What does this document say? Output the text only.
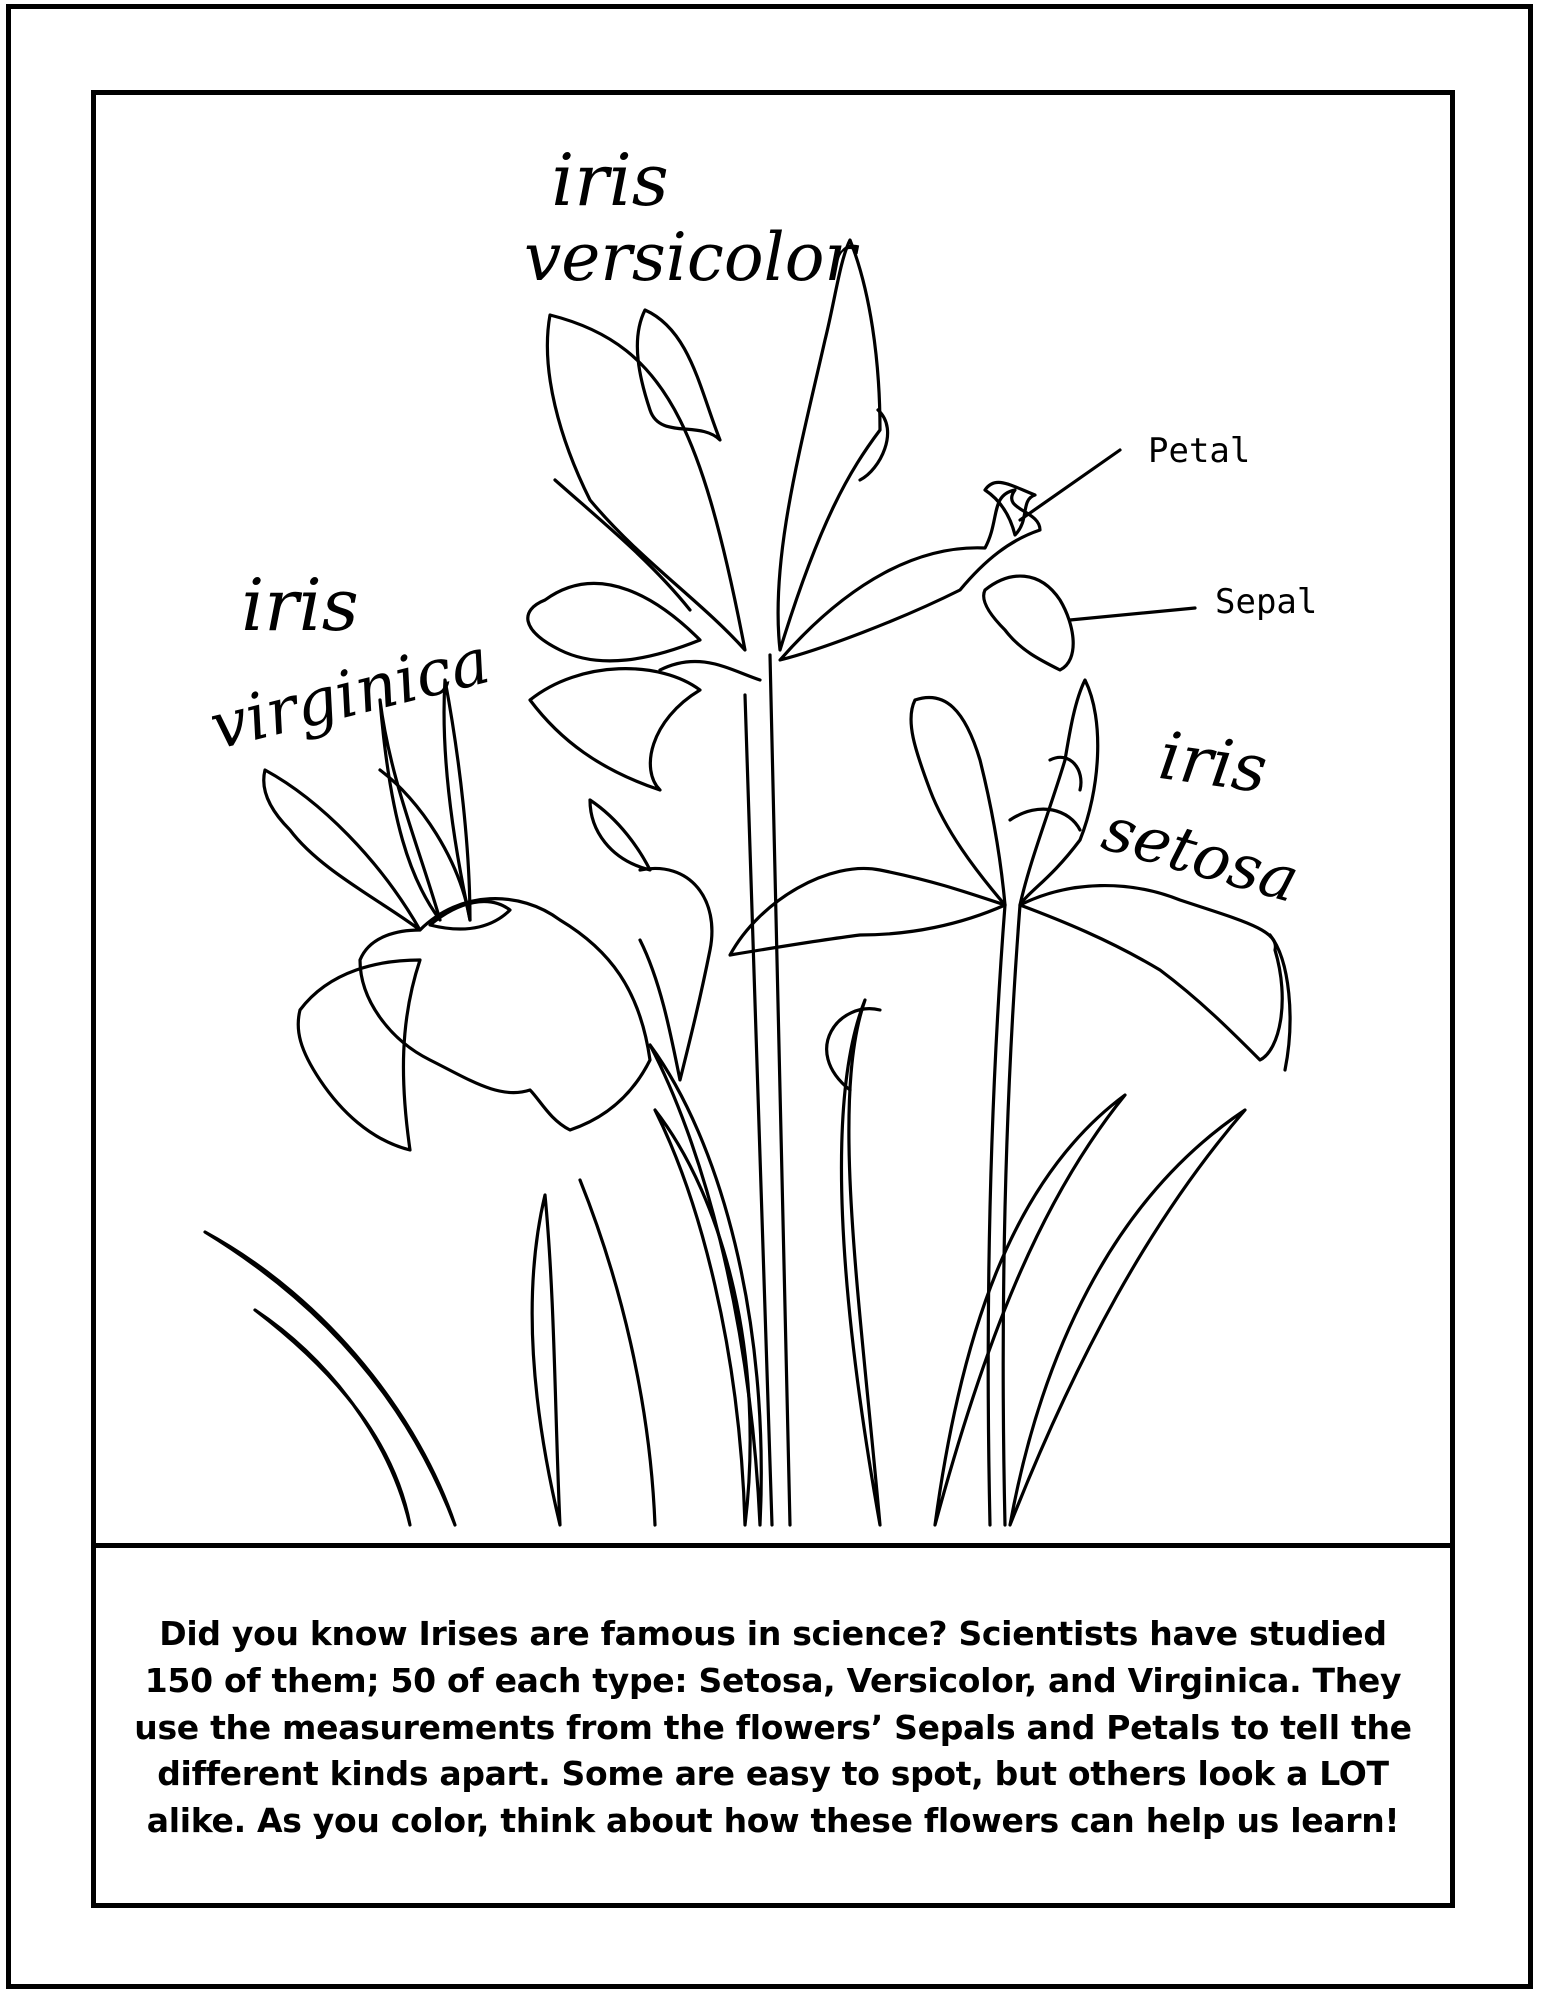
iris
versicolor
iris
virginica	iris
setosa
Petal
Sepal

Did you know Irises are famous in science? Scientists have studied 150 of them; 50 of each type: Setosa, Versicolor, and Virginica. They use the measurements from the flowers’ Sepals and Petals to tell the different kinds apart. Some are easy to spot, but others look a LOT alike. As you color, think about how these flowers can help us learn!
